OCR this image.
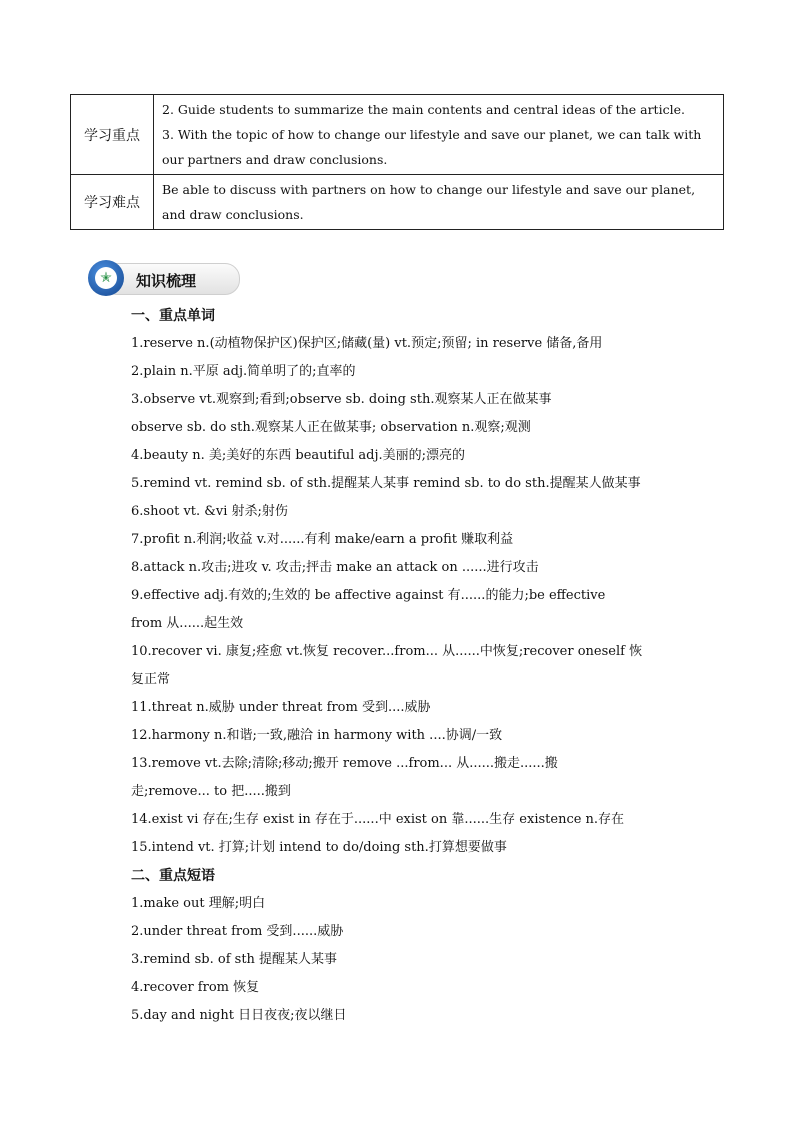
学习重点	2. Guide students to summarize the main contents and central ideas of the article.
3. With the topic of how to change our lifestyle and save our planet, we can talk with
our partners and draw conclusions.

学习难点	Be able to discuss with partners on how to change our lifestyle and save our planet,
and draw conclusions.
✭	知识梳理
一、重点单词
1.reserve n.(动植物保护区)保护区;储藏(量) vt.预定;预留; in reserve 储备,备用
2.plain n.平原 adj.简单明了的;直率的
3.observe vt.观察到;看到;observe sb. doing sth.观察某人正在做某事
observe sb. do sth.观察某人正在做某事; observation n.观察;观测
4.beauty n. 美;美好的东西 beautiful adj.美丽的;漂亮的
5.remind vt. remind sb. of sth.提醒某人某事 remind sb. to do sth.提醒某人做某事
6.shoot vt. &vi 射杀;射伤
7.profit n.利润;收益 v.对......有利 make/earn a profit 赚取利益
8.attack n.攻击;进攻 v. 攻击;抨击 make an attack on ......进行攻击
9.effective adj.有效的;生效的 be affective against 有......的能力;be effective
from 从......起生效
10.recover vi. 康复;痊愈 vt.恢复 recover...from... 从......中恢复;recover oneself 恢
复正常
11.threat n.威胁 under threat from 受到....威胁
12.harmony n.和谐;一致,融洽 in harmony with ....协调/一致
13.remove vt.去除;清除;移动;搬开 remove ...from... 从......搬走......搬
走;remove... to 把.....搬到
14.exist vi 存在;生存 exist in 存在于......中 exist on 靠......生存 existence n.存在
15.intend vt. 打算;计划 intend to do/doing sth.打算想要做事
二、重点短语
1.make out 理解;明白
2.under threat from 受到......威胁
3.remind sb. of sth 提醒某人某事
4.recover from 恢复
5.day and night 日日夜夜;夜以继日
